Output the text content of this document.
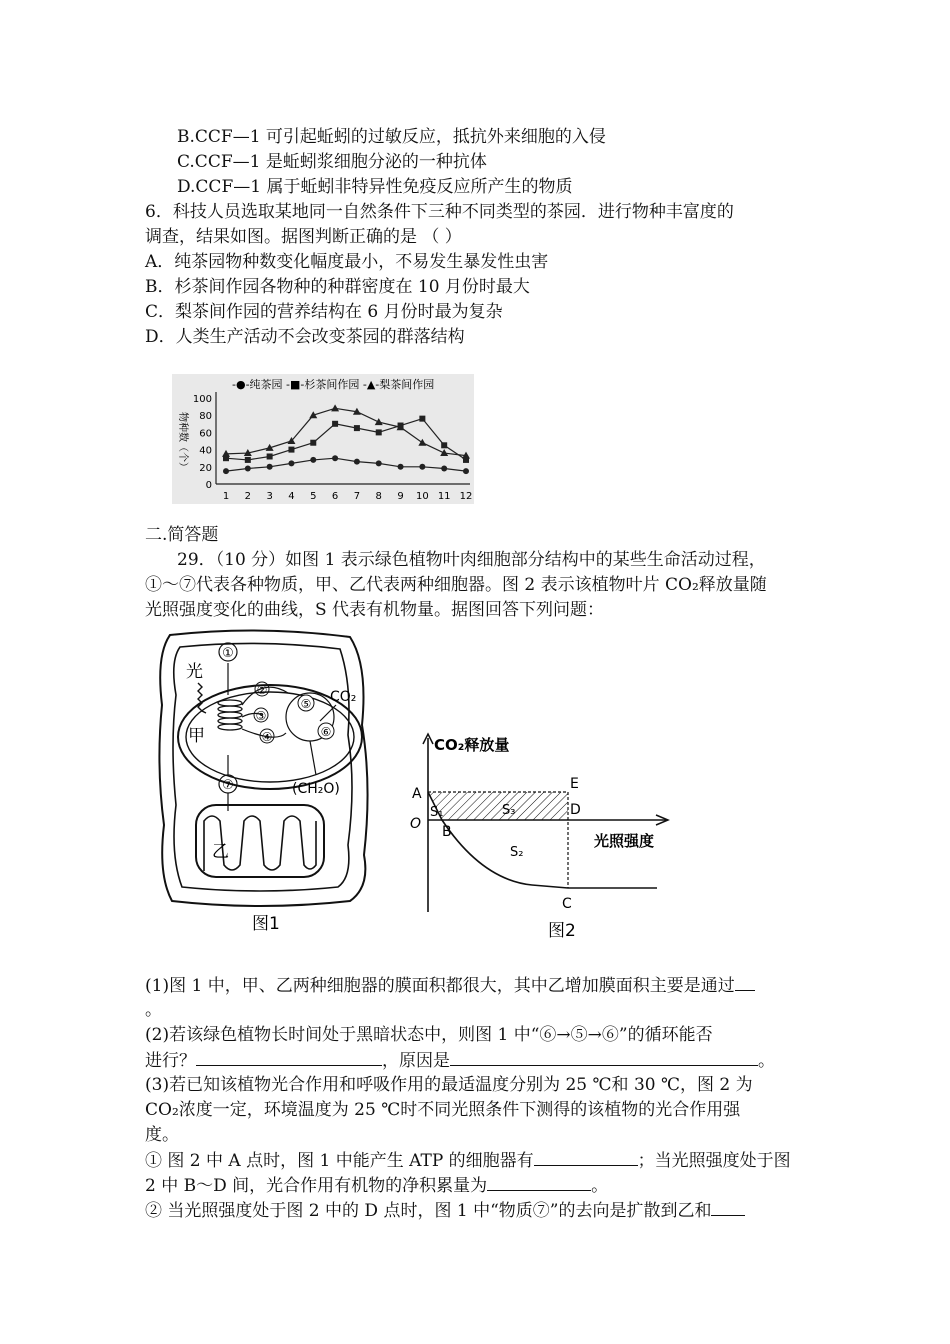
B.CCF—1 可引起蚯蚓的过敏反应，抵抗外来细胞的入侵
C.CCF—1 是蚯蚓浆细胞分泌的一种抗体
D.CCF—1 属于蚯蚓非特异性免疫反应所产生的物质
6．科技人员选取某地同一自然条件下三种不同类型的茶园．进行物种丰富度的
调查，结果如图。据图判断正确的是 （ ）
A．纯茶园物种数变化幅度最小，不易发生暴发性虫害
B．杉茶间作园各物种的种群密度在 10 月份时最大
C．梨茶间作园的营养结构在 6 月份时最为复杂
D．人类生产活动不会改变茶园的群落结构
-●-纯茶园 -■-杉茶间作园 -▲-梨茶间作园
物种数（个）
0
20
40
60
80
100
1 2 3 4 5 6 7 8 9 10 11 12
二.简答题
29．（10 分）如图 1 表示绿色植物叶肉细胞部分结构中的某些生命活动过程，
①～⑦代表各种物质，甲、乙代表两种细胞器。图 2 表示该植物叶片 CO₂释放量随
光照强度变化的曲线，S 代表有机物量。据图回答下列问题：
①
光
甲
②
③
④
⑤
⑥
CO₂
(CH₂O)
⑦
乙
图1
CO₂释放量
光照强度
A
O
S₁
B
E
D
S₃
S₂
C
图2
(1)图 1 中，甲、乙两种细胞器的膜面积都很大，其中乙增加膜面积主要是通过
。
(2)若该绿色植物长时间处于黑暗状态中，则图 1 中“⑥→⑤→⑥”的循环能否
进行？	，原因是	。
(3)若已知该植物光合作用和呼吸作用的最适温度分别为 25 ℃和 30 ℃，图 2 为
CO₂浓度一定，环境温度为 25 ℃时不同光照条件下测得的该植物的光合作用强
度。
① 图 2 中 A 点时，图 1 中能产生 ATP 的细胞器有	；当光照强度处于图
2 中 B～D 间，光合作用有机物的净积累量为	。
② 当光照强度处于图 2 中的 D 点时，图 1 中“物质⑦”的去向是扩散到乙和
